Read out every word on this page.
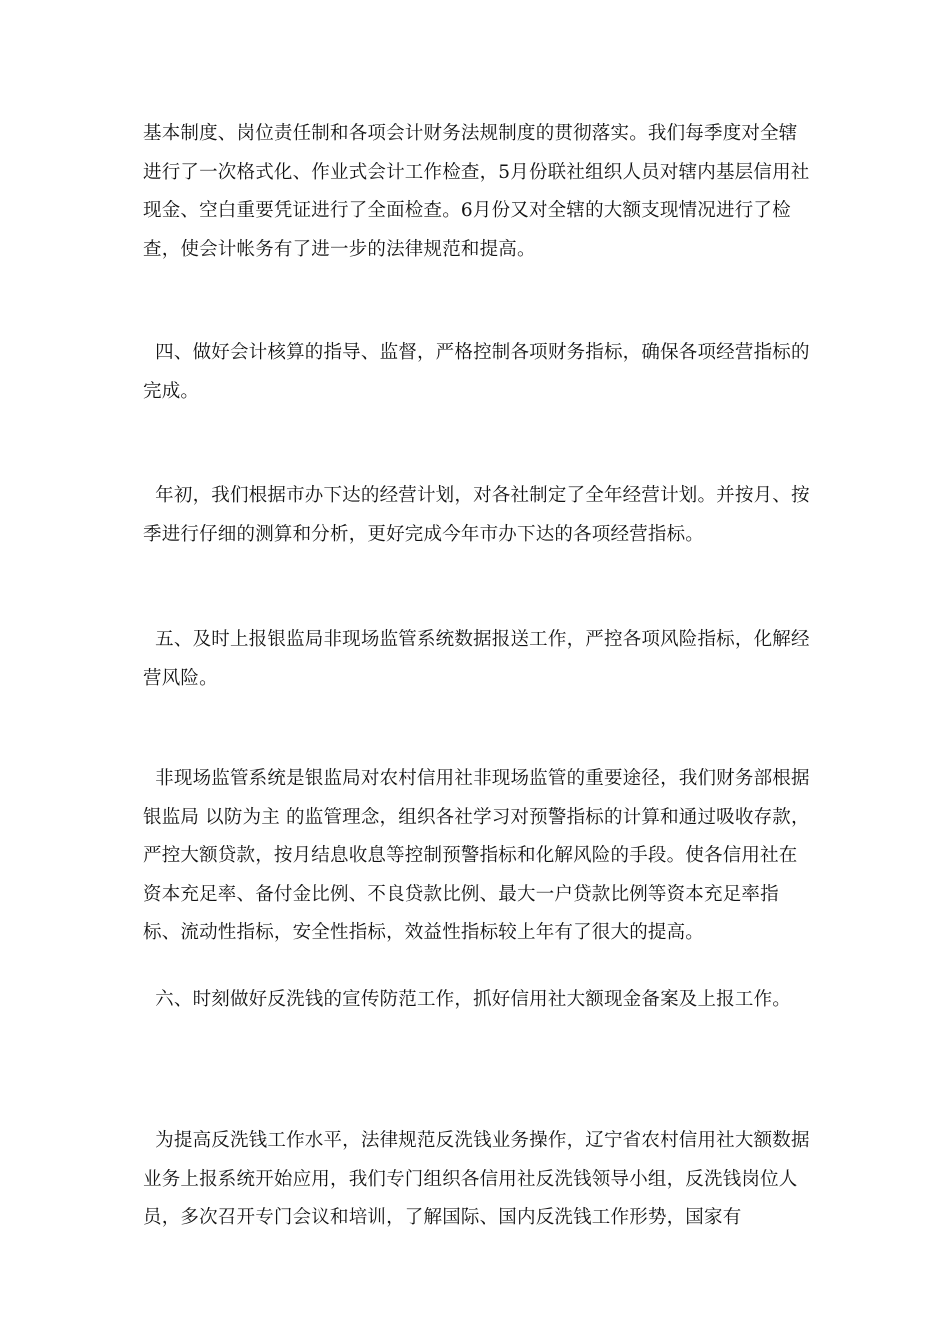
基本制度、岗位责任制和各项会计财务法规制度的贯彻落实。我们每季度对全辖进行了一次格式化、作业式会计工作检查，5月份联社组织人员对辖内基层信用社现金、空白重要凭证进行了全面检查。6月份又对全辖的大额支现情况进行了检查，使会计帐务有了进一步的法律规范和提高。

四、做好会计核算的指导、监督，严格控制各项财务指标，确保各项经营指标的完成。

年初，我们根据市办下达的经营计划，对各社制定了全年经营计划。并按月、按季进行仔细的测算和分析，更好完成今年市办下达的各项经营指标。

五、及时上报银监局非现场监管系统数据报送工作，严控各项风险指标，化解经营风险。

非现场监管系统是银监局对农村信用社非现场监管的重要途径，我们财务部根据银监局 以防为主 的监管理念，组织各社学习对预警指标的计算和通过吸收存款，严控大额贷款，按月结息收息等控制预警指标和化解风险的手段。使各信用社在资本充足率、备付金比例、不良贷款比例、最大一户贷款比例等资本充足率指标、流动性指标，安全性指标，效益性指标较上年有了很大的提高。

六、时刻做好反洗钱的宣传防范工作，抓好信用社大额现金备案及上报工作。

为提高反洗钱工作水平，法律规范反洗钱业务操作，辽宁省农村信用社大额数据业务上报系统开始应用，我们专门组织各信用社反洗钱领导小组，反洗钱岗位人员，多次召开专门会议和培训，了解国际、国内反洗钱工作形势，国家有
